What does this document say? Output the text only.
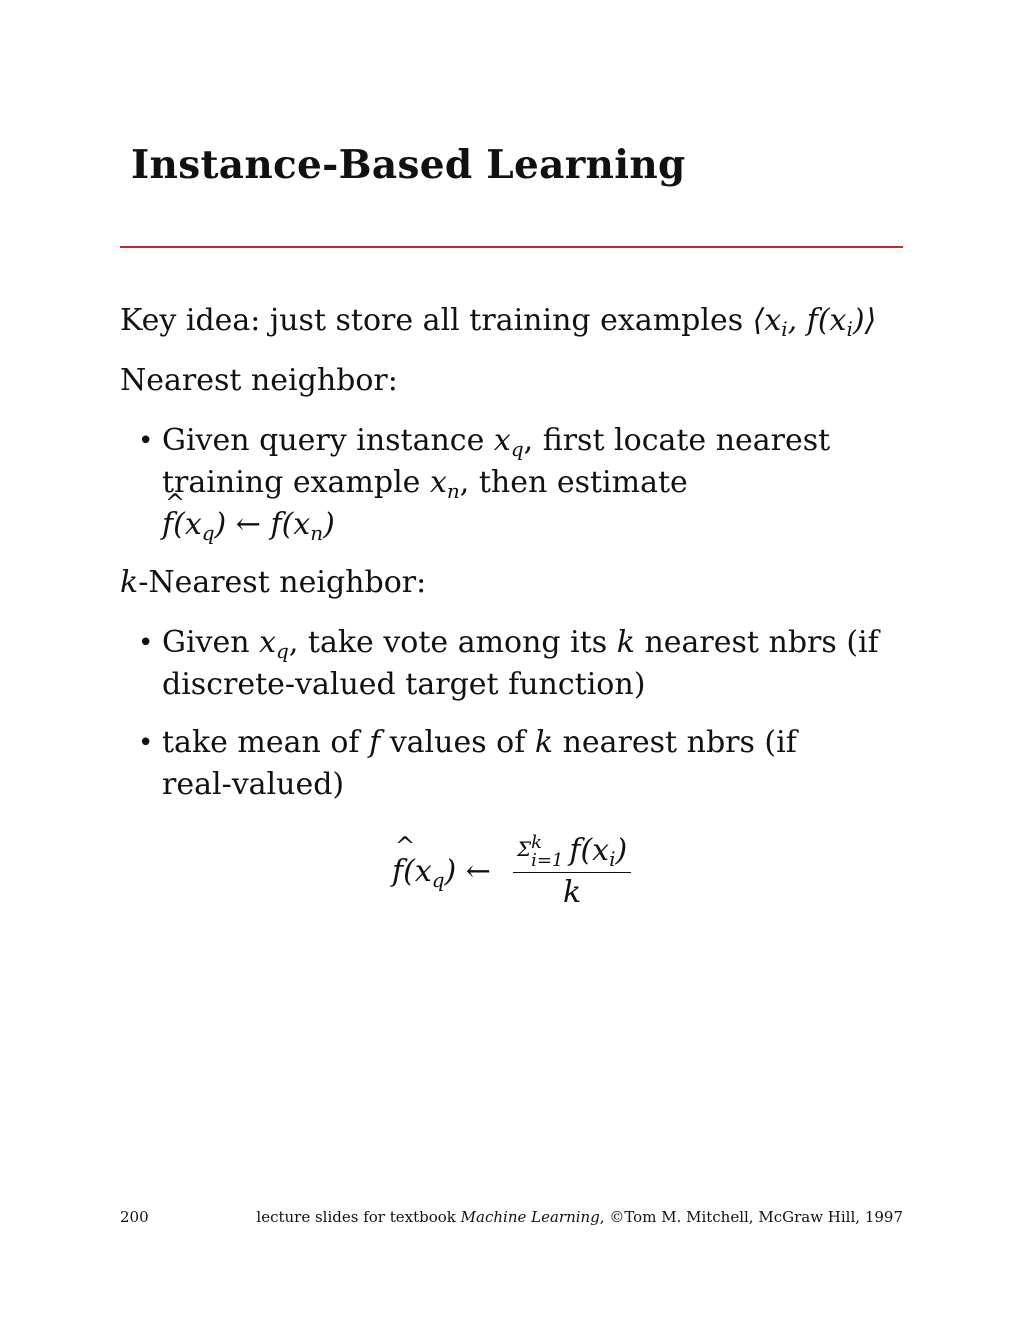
Instance-Based Learning

Key idea: just store all training examples $⟨x_i$, $f(x_i)⟩$

Nearest neighbor:

• Given query instance $x_q$, first locate nearest
training example $x_n$, then estimate
^ $f(x_q)$ ← $f(x_n)$

k-Nearest neighbor:

• Given $x_q$, take vote among its k nearest nbrs (if
discrete-valued target function)
• take mean of f values of k nearest nbrs (if
real-valued)
^ $f(x_q)$ ← Σ k
i=1 $f(x_i)$
k
200	lecture slides for textbook Machine Learning, ©Tom M. Mitchell, McGraw Hill, 1997
